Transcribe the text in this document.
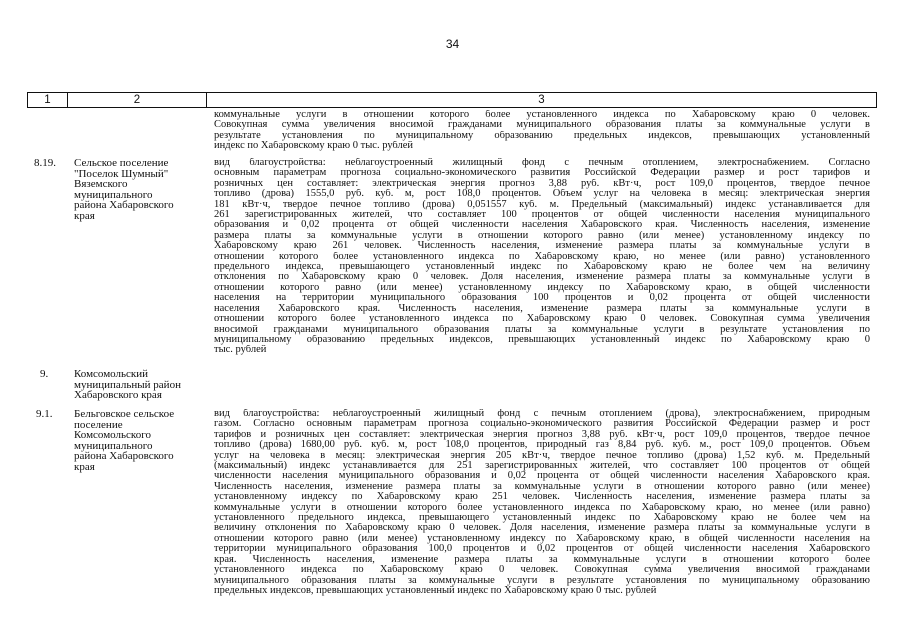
34
1	2	3
коммунальные услуги в отношении которого более установленного индекса по Хабаровскому краю 0 человек.
Совокупная сумма увеличения вносимой гражданами муниципального образования платы за коммунальные услуги в
результате установления по муниципальному образованию предельных индексов, превышающих установленный
индекс по Хабаровскому краю 0 тыс. рублей
8.19. Сельское поселение
"Поселок Шумный"
Вяземского
муниципального
района Хабаровского
края
вид благоустройства: неблагоустроенный жилищный фонд с печным отоплением, электроснабжением. Согласно
основным параметрам прогноза социально-экономического развития Российской Федерации размер и рост тарифов и
розничных цен составляет: электрическая энергия прогноз 3,88 руб. кВт·ч, рост 109,0 процентов, твердое печное
топливо (дрова) 1555,0 руб. куб. м, рост 108,0 процентов. Объем услуг на человека в месяц: электрическая энергия
181 кВт·ч, твердое печное топливо (дрова) 0,051557 куб. м. Предельный (максимальный) индекс устанавливается для
261 зарегистрированных жителей, что составляет 100 процентов от общей численности населения муниципального
образования и 0,02 процента от общей численности населения Хабаровского края. Численность населения, изменение
размера платы за коммунальные услуги в отношении которого равно (или менее) установленному индексу по
Хабаровскому краю 261 человек. Численность населения, изменение размера платы за коммунальные услуги в
отношении которого более установленного индекса по Хабаровскому краю, но менее (или равно) установленного
предельного индекса, превышающего установленный индекс по Хабаровскому краю не более чем на величину
отклонения по Хабаровскому краю 0 человек. Доля населения, изменение размера платы за коммунальные услуги в
отношении которого равно (или менее) установленному индексу по Хабаровскому краю, в общей численности
населения на территории муниципального образования 100 процентов и 0,02 процента от общей численности
населения Хабаровского края. Численность населения, изменение размера платы за коммунальные услуги в
отношении которого более установленного индекса по Хабаровскому краю 0 человек. Совокупная сумма увеличения
вносимой гражданами муниципального образования платы за коммунальные услуги в результате установления по
муниципальному образованию предельных индексов, превышающих установленный индекс по Хабаровскому краю 0
тыс. рублей
9. Комсомольский
муниципальный район
Хабаровского края
9.1. Бельговское сельское
поселение
Комсомольского
муниципального
района Хабаровского
края
вид благоустройства: неблагоустроенный жилищный фонд с печным отоплением (дрова), электроснабжением, природным
газом. Согласно основным параметрам прогноза социально-экономического развития Российской Федерации размер и рост
тарифов и розничных цен составляет: электрическая энергия прогноз 3,88 руб. кВт·ч, рост 109,0 процентов, твердое печное
топливо (дрова) 1680,00 руб. куб. м, рост 108,0 процентов, природный газ 8,84 руб. куб. м., рост 109,0 процентов. Объем
услуг на человека в месяц: электрическая энергия 205 кВт·ч, твердое печное топливо (дрова) 1,52 куб. м. Предельный
(максимальный) индекс устанавливается для 251 зарегистрированных жителей, что составляет 100 процентов от общей
численности населения муниципального образования и 0,02 процента от общей численности населения Хабаровского края.
Численность населения, изменение размера платы за коммунальные услуги в отношении которого равно (или менее)
установленному индексу по Хабаровскому краю 251 человек. Численность населения, изменение размера платы за
коммунальные услуги в отношении которого более установленного индекса по Хабаровскому краю, но менее (или равно)
установленного предельного индекса, превышающего установленный индекс по Хабаровскому краю не более чем на
величину отклонения по Хабаровскому краю 0 человек. Доля населения, изменение размера платы за коммунальные услуги в
отношении которого равно (или менее) установленному индексу по Хабаровскому краю, в общей численности населения на
территории муниципального образования 100,0 процентов и 0,02 процентов от общей численности населения Хабаровского
края. Численность населения, изменение размера платы за коммунальные услуги в отношении которого более
установленного индекса по Хабаровскому краю 0 человек. Совокупная сумма увеличения вносимой гражданами
муниципального образования платы за коммунальные услуги в результате установления по муниципальному образованию
предельных индексов, превышающих установленный индекс по Хабаровскому краю 0 тыс. рублей
